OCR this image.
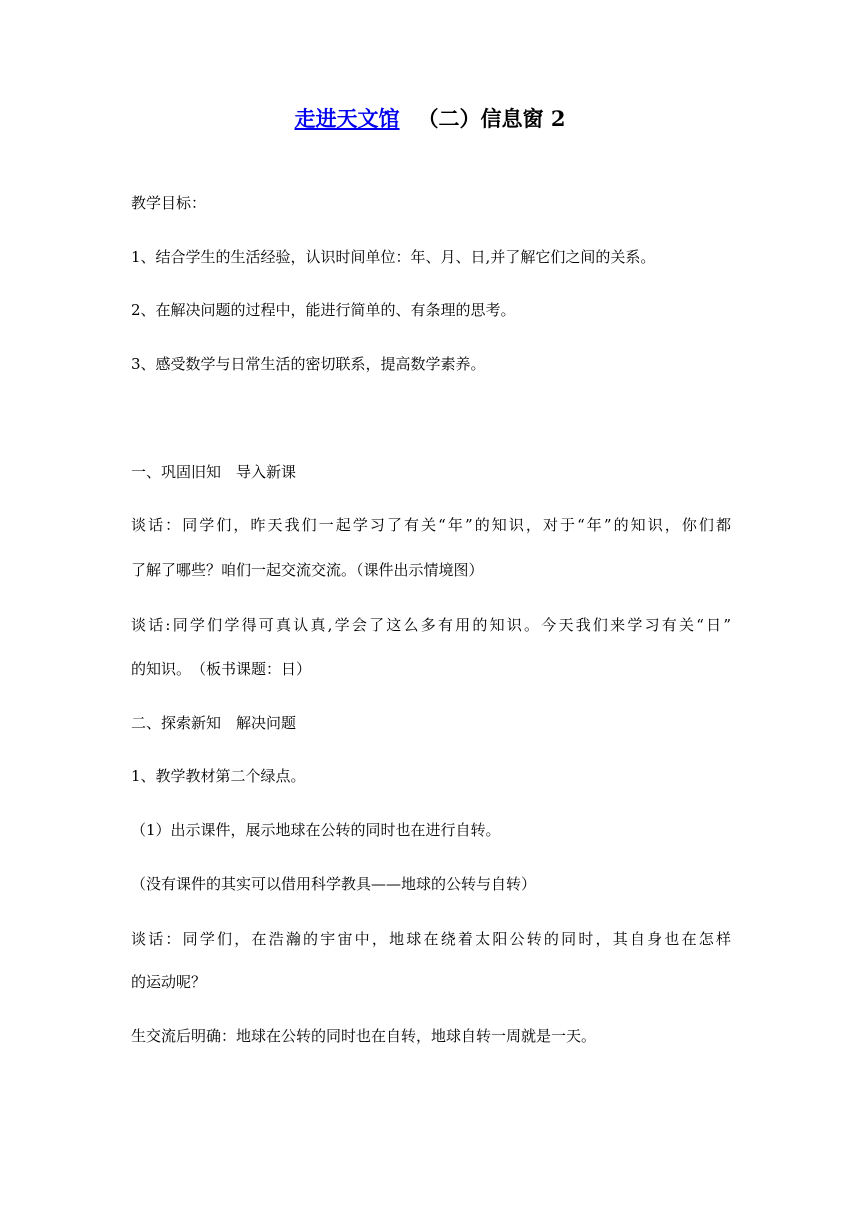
走进天文馆 （二）信息窗 2
教学目标：
1、结合学生的生活经验，认识时间单位：年、月、日,并了解它们之间的关系。
2、在解决问题的过程中，能进行简单的、有条理的思考。
3、感受数学与日常生活的密切联系，提高数学素养。
一、巩固旧知　导入新课
谈话：同学们，昨天我们一起学习了有关“年”的知识，对于“年”的知识，你们都
了解了哪些？咱们一起交流交流。（课件出示情境图）
谈话:同学们学得可真认真,学会了这么多有用的知识。今天我们来学习有关“日”
的知识。　（板书课题：日）
二、探索新知　解决问题
1、教学教材第二个绿点。
（1）出示课件，展示地球在公转的同时也在进行自转。
（没有课件的其实可以借用科学教具——地球的公转与自转）
谈话：同学们，在浩瀚的宇宙中，地球在绕着太阳公转的同时，其自身也在怎样
的运动呢？
生交流后明确：地球在公转的同时也在自转，地球自转一周就是一天。
